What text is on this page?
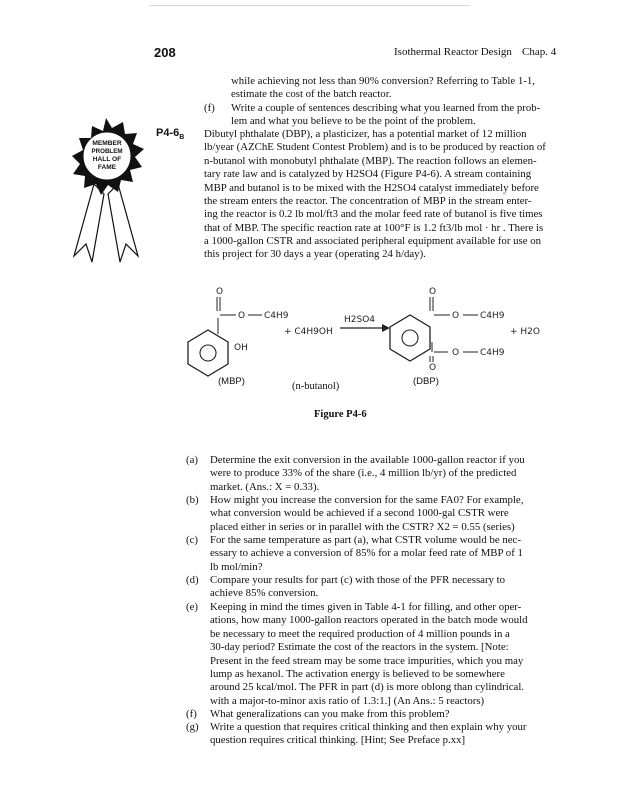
208	Isothermal Reactor Design Chap. 4
while achieving not less than 90% conversion? Referring to Table 1-1,
estimate the cost of the batch reactor.
(f) Write a couple of sentences describing what you learned from the prob-
lem and what you believe to be the point of the problem.
MEMBER
PROBLEM
HALL OF
FAME
$P4-6_B$ Dibutyl phthalate (DBP), a plasticizer, has a potential market of 12 million
lb/year (AZChE Student Contest Problem) and is to be produced by reaction of
n-butanol with monobutyl phthalate (MBP). The reaction follows an elemen-
tary rate law and is catalyzed by H2SO4 (Figure P4-6). A stream containing
MBP and butanol is to be mixed with the H2SO4 catalyst immediately before
the stream enters the reactor. The concentration of MBP in the stream enter-
ing the reactor is 0.2 lb mol/ft3 and the molar feed rate of butanol is five times
that of MBP. The specific reaction rate at 100°F is 1.2 ft3/lb mol · hr . There is
a 1000-gallon CSTR and associated peripheral equipment available for use on
this project for 30 days a year (operating 24 h/day).
O
O C4H9
OH
+ C4H9OH
H2SO4
O
O C4H9
O C4H9
O
+ H2O
(MBP)	(n-butanol)	(DBP)
Figure P4-6
(a) Determine the exit conversion in the available 1000-gallon reactor if you
were to produce 33% of the share (i.e., 4 million lb/yr) of the predicted
market. (Ans.: X = 0.33).
(b) How might you increase the conversion for the same FA0? For example,
what conversion would be achieved if a second 1000-gal CSTR were
placed either in series or in parallel with the CSTR? X2 = 0.55 (series)
(c) For the same temperature as part (a), what CSTR volume would be nec-
essary to achieve a conversion of 85% for a molar feed rate of MBP of 1
lb mol/min?
(d) Compare your results for part (c) with those of the PFR necessary to
achieve 85% conversion.
(e) Keeping in mind the times given in Table 4-1 for filling, and other oper-
ations, how many 1000-gallon reactors operated in the batch mode would
be necessary to meet the required production of 4 million pounds in a
30-day period? Estimate the cost of the reactors in the system. [Note:
Present in the feed stream may be some trace impurities, which you may
lump as hexanol. The activation energy is believed to be somewhere
around 25 kcal/mol. The PFR in part (d) is more oblong than cylindrical.
with a major-to-minor axis ratio of 1.3:1.] (An Ans.: 5 reactors)
(f) What generalizations can you make from this problem?
(g) Write a question that requires critical thinking and then explain why your
question requires critical thinking. [Hint; See Preface p.xx]
